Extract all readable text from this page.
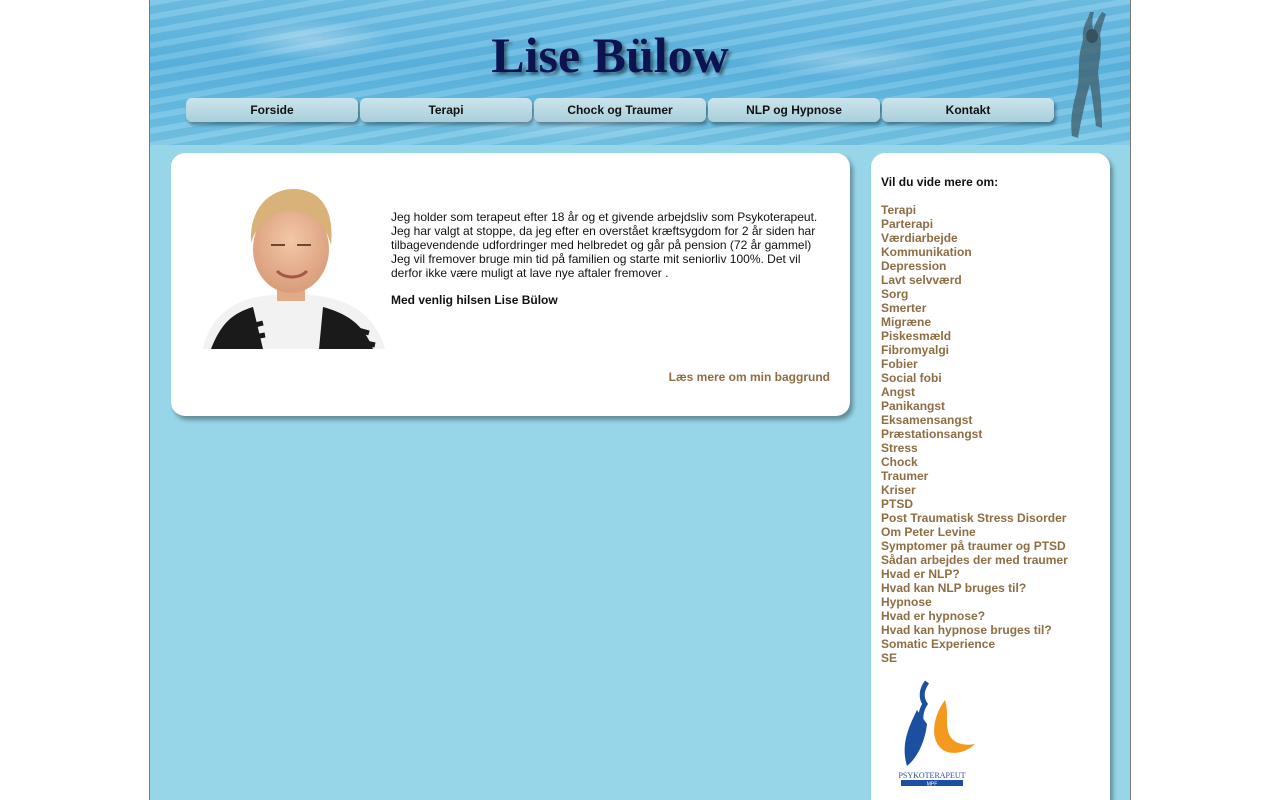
Lise Bülow
Forside	Terapi	Chock og Traumer	NLP og Hypnose	Kontakt

Jeg holder som terapeut efter 18 år og et givende arbejdsliv som Psykoterapeut. Jeg har valgt at stoppe, da jeg efter en overstået kræftsygdom for 2 år siden har tilbagevendende udfordringer med helbredet og går på pension (72 år gammel) Jeg vil fremover bruge min tid på familien og starte mit seniorliv 100%. Det vil derfor ikke være muligt at lave nye aftaler fremover .

Med venlig hilsen Lise Bülow

Læs mere om min baggrund

Vil du vide mere om:

Terapi
Parterapi
Værdiarbejde
Kommunikation
Depression
Lavt selvværd
Sorg
Smerter
Migræne
Piskesmæld
Fibromyalgi
Fobier
Social fobi
Angst
Panikangst
Eksamensangst
Præstationsangst
Stress
Chock
Traumer
Kriser
PTSD
Post Traumatisk Stress Disorder
Om Peter Levine
Symptomer på traumer og PTSD
Sådan arbejdes der med traumer
Hvad er NLP?
Hvad kan NLP bruges til?
Hypnose
Hvad er hypnose?
Hvad kan hypnose bruges til?
Somatic Experience
SE
PSYKOTERAPEUT
MPF
